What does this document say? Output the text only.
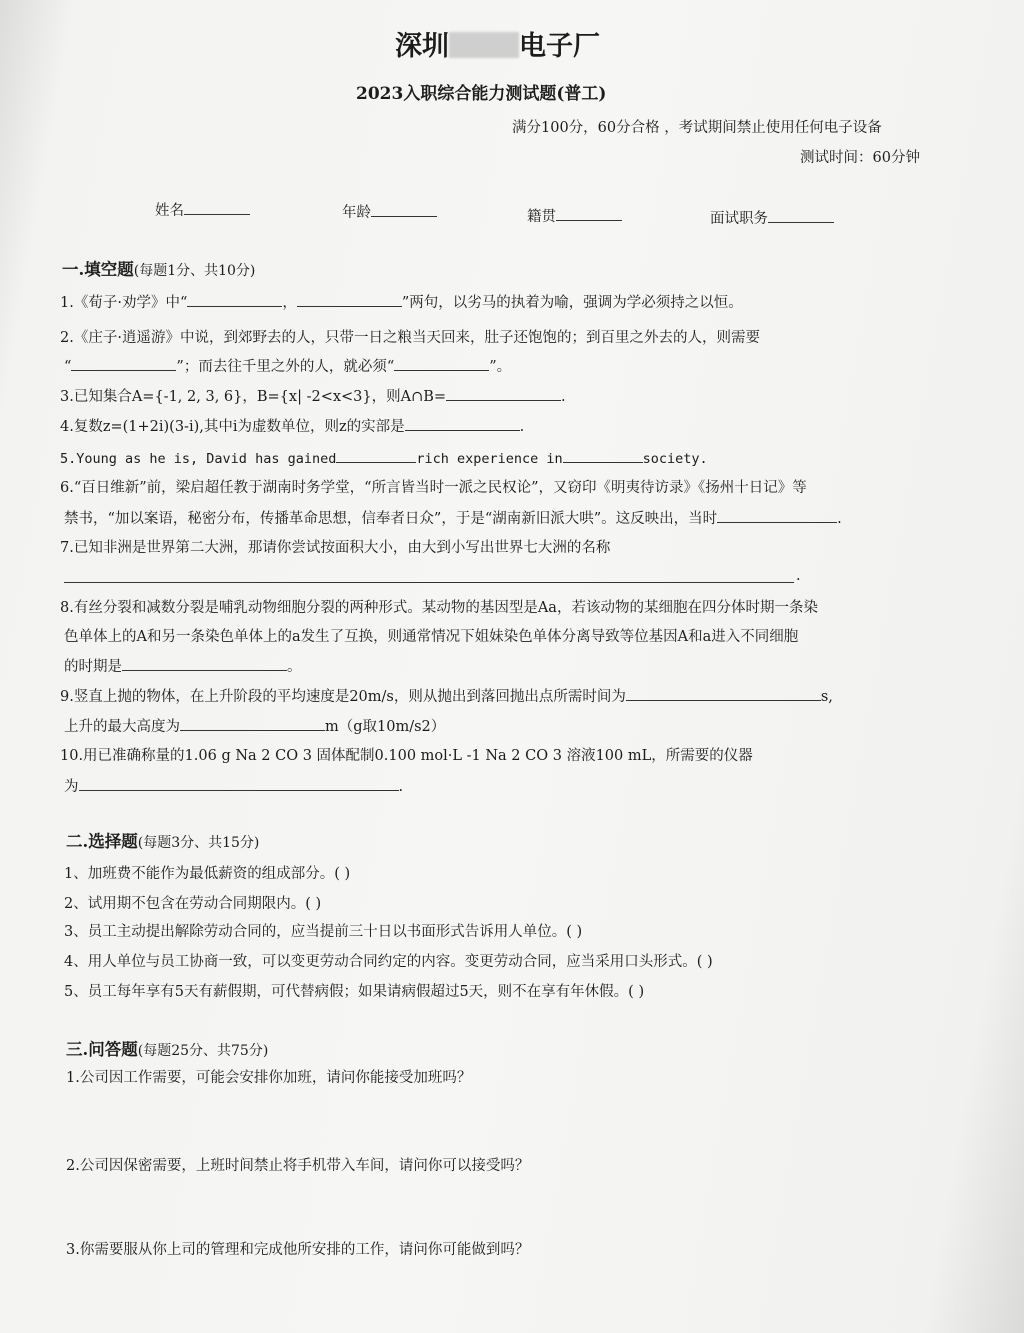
深圳	电子厂
2023入职综合能力测试题(普工)
满分100分，60分合格 ，考试期间禁止使用任何电子设备
测试时间：60分钟
姓名	年龄	籍贯	面试职务
一.填空题(每题1分、共10分)
1.《荀子·劝学》中“	，	”两句，以劣马的执着为喻，强调为学必须持之以恒。
2.《庄子·逍遥游》中说，到郊野去的人，只带一日之粮当天回来，肚子还饱饱的；到百里之外去的人，则需要
“	”；而去往千里之外的人，就必须“	”。
3.已知集合A={-1, 2, 3, 6}，B={x| -2<x<3}，则A∩B=	.
4.复数z=(1+2i)(3-i),其中i为虚数单位，则z的实部是	.
5.Young as he is, David has gained	rich experience in	society.
6.“百日维新”前，梁启超任教于湖南时务学堂，“所言皆当时一派之民权论”，又窃印《明夷待访录》《扬州十日记》等
禁书，“加以案语，秘密分布，传播革命思想，信奉者日众”，于是“湖南新旧派大哄”。这反映出，当时	.
7.已知非洲是世界第二大洲，那请你尝试按面积大小，由大到小写出世界七大洲的名称
.
8.有丝分裂和减数分裂是哺乳动物细胞分裂的两种形式。某动物的基因型是Aa，若该动物的某细胞在四分体时期一条染
色单体上的A和另一条染色单体上的a发生了互换，则通常情况下姐妹染色单体分离导致等位基因A和a进入不同细胞
的时期是	。
9.竖直上抛的物体，在上升阶段的平均速度是20m/s，则从抛出到落回抛出点所需时间为	s,
上升的最大高度为	m（g取10m/s2）
10.用已准确称量的1.06 g Na 2 CO 3 固体配制0.100 mol·L -1 Na 2 CO 3 溶液100 mL，所需要的仪器
为	.
二.选择题(每题3分、共15分)
1、加班费不能作为最低薪资的组成部分。( )
2、试用期不包含在劳动合同期限内。( )
3、员工主动提出解除劳动合同的，应当提前三十日以书面形式告诉用人单位。( )
4、用人单位与员工协商一致，可以变更劳动合同约定的内容。变更劳动合同，应当采用口头形式。( )
5、员工每年享有5天有薪假期，可代替病假；如果请病假超过5天，则不在享有年休假。( )
三.问答题(每题25分、共75分)
1.公司因工作需要，可能会安排你加班，请问你能接受加班吗？
2.公司因保密需要，上班时间禁止将手机带入车间，请问你可以接受吗？
3.你需要服从你上司的管理和完成他所安排的工作，请问你可能做到吗？
